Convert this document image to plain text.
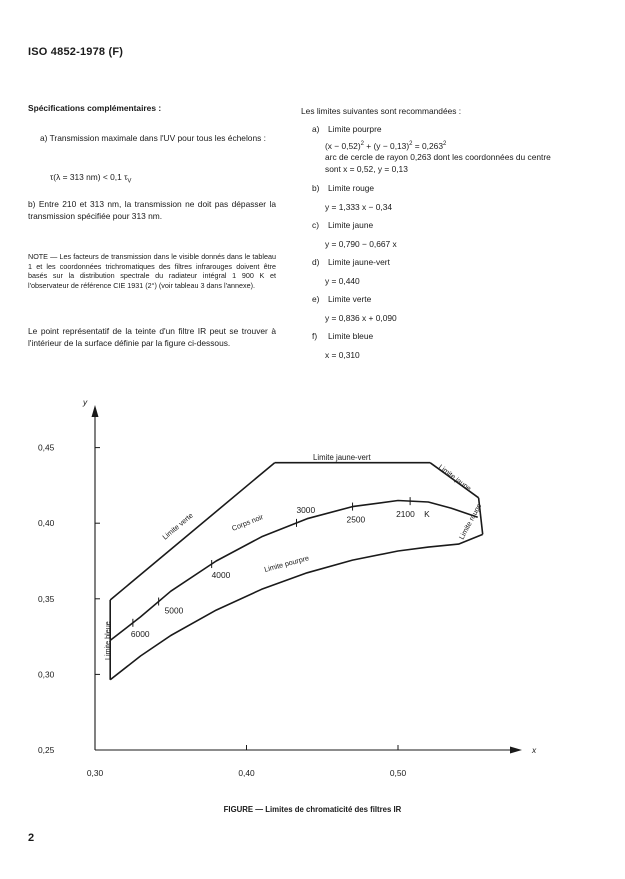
ISO 4852-1978 (F)
Spécifications complémentaires :
a) Transmission maximale dans l'UV pour tous les échelons :
τ(λ = 313 nm) < 0,1 $\tau_V$
b) Entre 210 et 313 nm, la transmission ne doit pas dépasser la transmission spécifiée pour 313 nm.
NOTE — Les facteurs de transmission dans le visible donnés dans le tableau 1 et les coordonnées trichromatiques des filtres infrarouges doivent être basés sur la distribution spectrale du radiateur intégral 1 900 K et l'observateur de référence CIE 1931 (2°) (voir tableau 3 dans l'annexe).
Le point représentatif de la teinte d'un filtre IR peut se trouver à l'intérieur de la surface définie par la figure ci-dessous.
Les limites suivantes sont recommandées :
a) Limite pourpre
$(x - 0,52)^2 + (y - 0,13)^2 = 0,263^2$
arc de cercle de rayon 0,263 dont les coordonnées du centre sont x = 0,52, y = 0,13
b) Limite rouge
y = 1,333 x − 0,34
c) Limite jaune
y = 0,790 − 0,667 x
d) Limite jaune-vert
y = 0,440
e) Limite verte
y = 0,836 x + 0,090
f) Limite bleue
x = 0,310
x
y
0,30	0,40	0,50
0,25
0,30
0,35
0,40
0,45
6000
5000
4000
3000
2500
2100 K
Limite verte	Corps noir
Limite pourpre
Limite jaune-vert
Limite jaune
Limite rouge
Limite bleue
FIGURE — Limites de chromaticité des filtres IR
2
